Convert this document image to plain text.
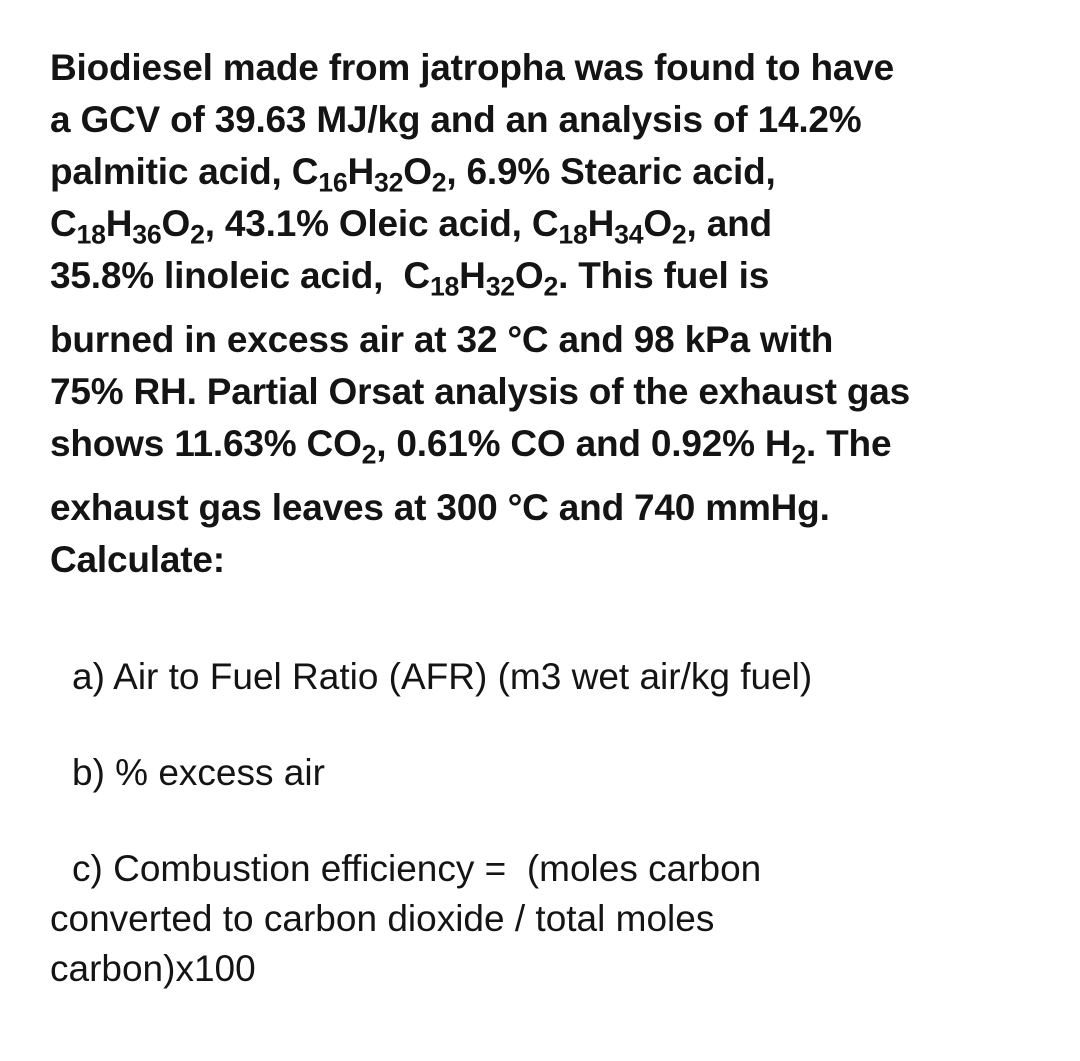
Biodiesel made from jatropha was found to have
a GCV of 39.63 MJ/kg and an analysis of 14.2%
palmitic acid, $C_{16}H_{32}O_2$, 6.9% Stearic acid,
$C_{18}H_{36}O_2$, 43.1% Oleic acid, $C_{18}H_{34}O_2$, and
35.8% linoleic acid,  $C_{18}H_{32}O_2$. This fuel is
burned in excess air at 32 °C and 98 kPa with
75% RH. Partial Orsat analysis of the exhaust gas
shows 11.63% $CO_2$, 0.61% CO and 0.92% $H_2$. The
exhaust gas leaves at 300 °C and 740 mmHg.
Calculate:
a) Air to Fuel Ratio (AFR) (m3 wet air/kg fuel)
b) % excess air
c) Combustion efficiency =  (moles carbon
converted to carbon dioxide / total moles
carbon)x100
